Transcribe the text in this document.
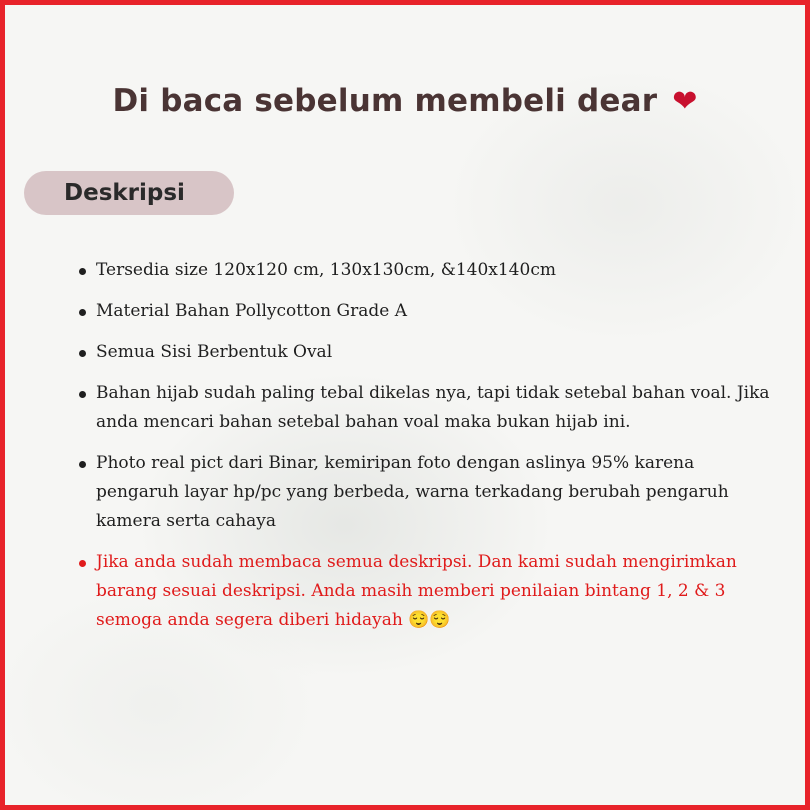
Di baca sebelum membeli dear ❤
Deskripsi
Tersedia size 120x120 cm, 130x130cm, &140x140cm
Material Bahan Pollycotton Grade A
Semua Sisi Berbentuk Oval
Bahan hijab sudah paling tebal dikelas nya, tapi tidak setebal bahan voal. Jika anda mencari bahan setebal bahan voal maka bukan hijab ini.
Photo real pict dari Binar, kemiripan foto dengan aslinya 95% karena pengaruh layar hp/pc yang berbeda, warna terkadang berubah pengaruh kamera serta cahaya
Jika anda sudah membaca semua deskripsi. Dan kami sudah mengirimkan barang sesuai deskripsi. Anda masih memberi penilaian bintang 1, 2 & 3 semoga anda segera diberi hidayah 😌😌
